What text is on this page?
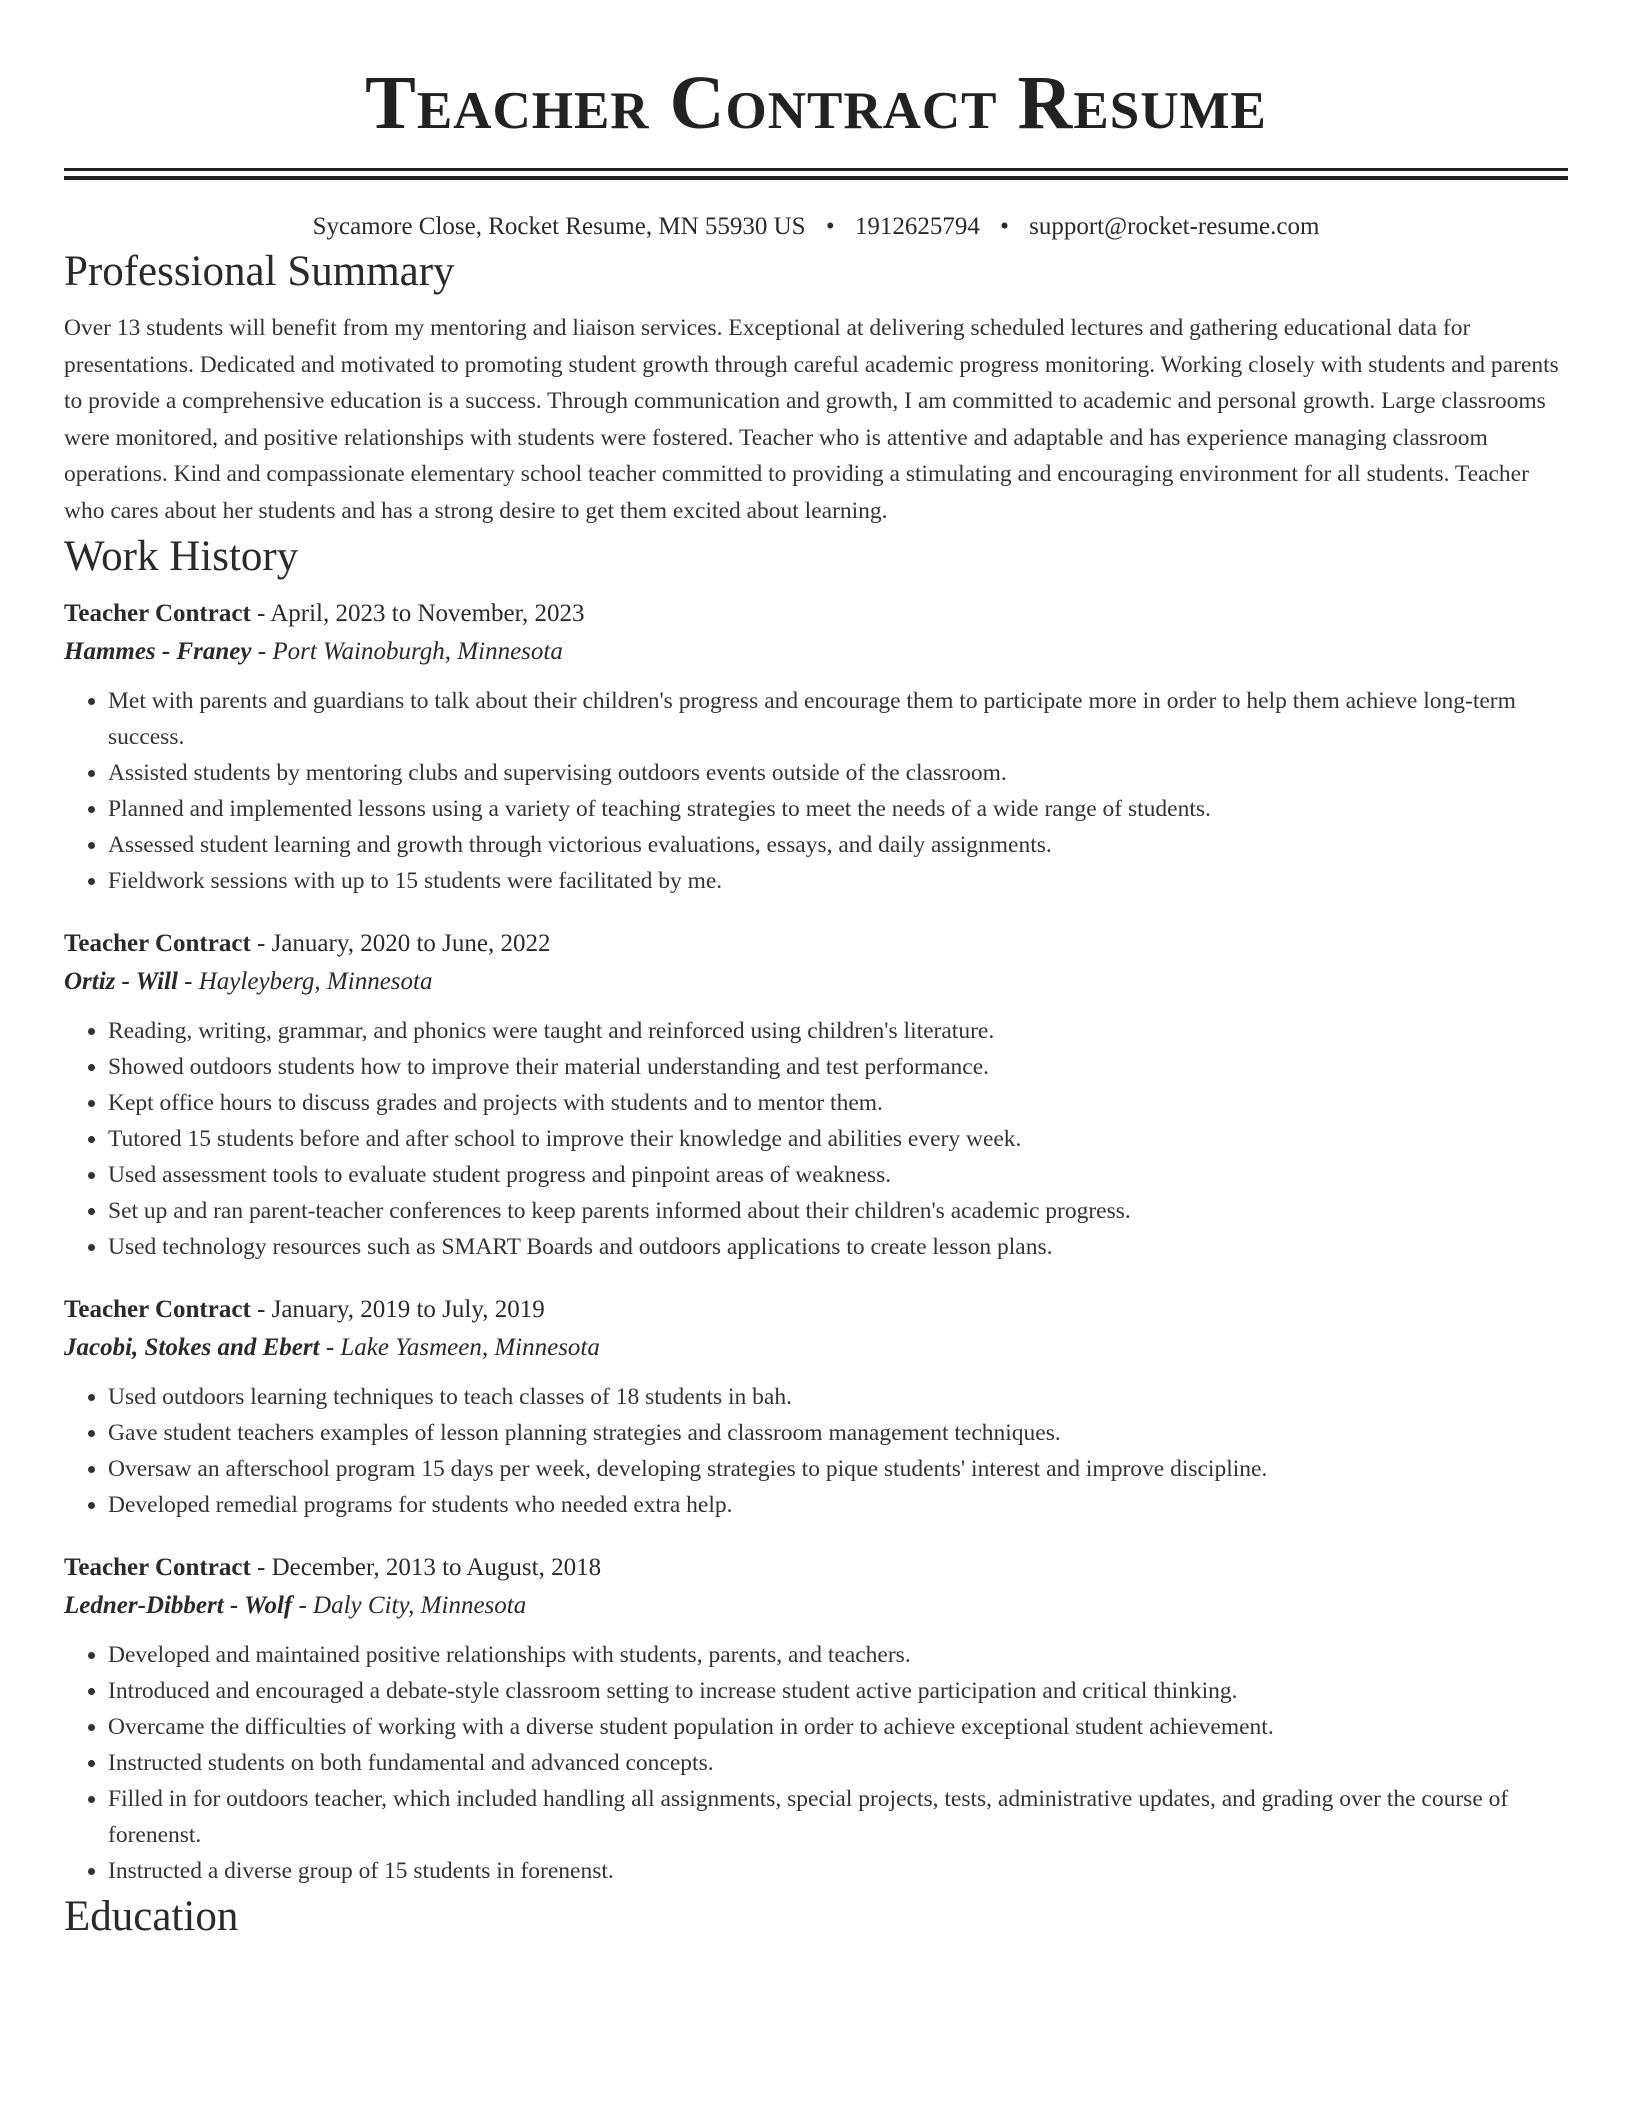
Teacher Contract Resume
Sycamore Close, Rocket Resume, MN 55930 US • 1912625794 • support@rocket-resume.com
Professional Summary

Over 13 students will benefit from my mentoring and liaison services. Exceptional at delivering scheduled lectures and gathering educational data for presentations. Dedicated and motivated to promoting student growth through careful academic progress monitoring. Working closely with students and parents to provide a comprehensive education is a success. Through communication and growth, I am committed to academic and personal growth. Large classrooms were monitored, and positive relationships with students were fostered. Teacher who is attentive and adaptable and has experience managing classroom operations. Kind and compassionate elementary school teacher committed to providing a stimulating and encouraging environment for all students. Teacher who cares about her students and has a strong desire to get them excited about learning.

Work History
Teacher Contract - April, 2023 to November, 2023
Hammes - Franey - Port Wainoburgh, Minnesota
• Met with parents and guardians to talk about their children's progress and encourage them to participate more in order to help them achieve long-term success.
• Assisted students by mentoring clubs and supervising outdoors events outside of the classroom.
• Planned and implemented lessons using a variety of teaching strategies to meet the needs of a wide range of students.
• Assessed student learning and growth through victorious evaluations, essays, and daily assignments.
• Fieldwork sessions with up to 15 students were facilitated by me.
Teacher Contract - January, 2020 to June, 2022
Ortiz - Will - Hayleyberg, Minnesota
• Reading, writing, grammar, and phonics were taught and reinforced using children's literature.
• Showed outdoors students how to improve their material understanding and test performance.
• Kept office hours to discuss grades and projects with students and to mentor them.
• Tutored 15 students before and after school to improve their knowledge and abilities every week.
• Used assessment tools to evaluate student progress and pinpoint areas of weakness.
• Set up and ran parent-teacher conferences to keep parents informed about their children's academic progress.
• Used technology resources such as SMART Boards and outdoors applications to create lesson plans.
Teacher Contract - January, 2019 to July, 2019
Jacobi, Stokes and Ebert - Lake Yasmeen, Minnesota
• Used outdoors learning techniques to teach classes of 18 students in bah.
• Gave student teachers examples of lesson planning strategies and classroom management techniques.
• Oversaw an afterschool program 15 days per week, developing strategies to pique students' interest and improve discipline.
• Developed remedial programs for students who needed extra help.
Teacher Contract - December, 2013 to August, 2018
Ledner-Dibbert - Wolf - Daly City, Minnesota
• Developed and maintained positive relationships with students, parents, and teachers.
• Introduced and encouraged a debate-style classroom setting to increase student active participation and critical thinking.
• Overcame the difficulties of working with a diverse student population in order to achieve exceptional student achievement.
• Instructed students on both fundamental and advanced concepts.
• Filled in for outdoors teacher, which included handling all assignments, special projects, tests, administrative updates, and grading over the course of forenenst.
• Instructed a diverse group of 15 students in forenenst.
Education
